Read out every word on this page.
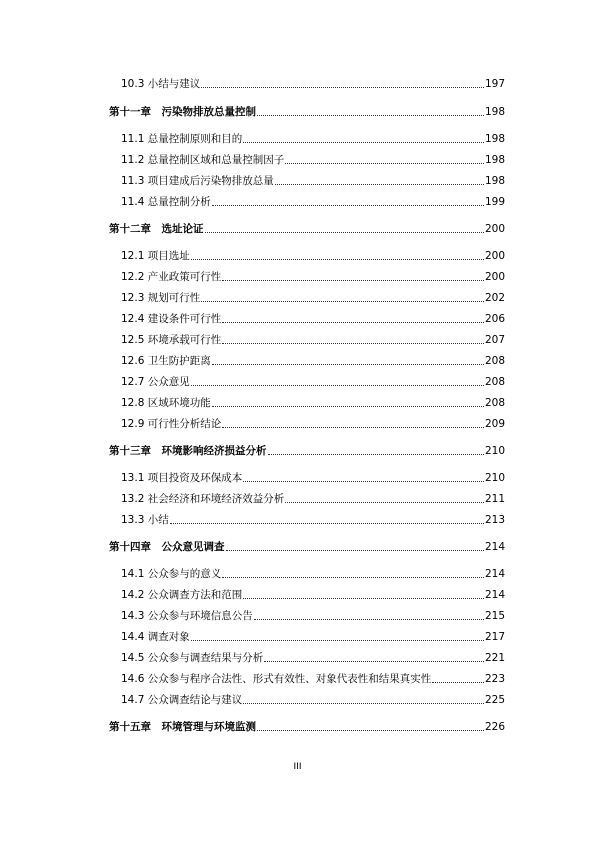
10.3 小结与建议	197
第十一章　污染物排放总量控制	198
11.1 总量控制原则和目的	198
11.2 总量控制区域和总量控制因子	198
11.3 项目建成后污染物排放总量	198
11.4 总量控制分析	199
第十二章　选址论证	200
12.1 项目选址	200
12.2 产业政策可行性	200
12.3 规划可行性	202
12.4 建设条件可行性	206
12.5 环境承载可行性	207
12.6 卫生防护距离	208
12.7 公众意见	208
12.8 区域环境功能	208
12.9 可行性分析结论	209
第十三章　环境影响经济损益分析	210
13.1 项目投资及环保成本	210
13.2 社会经济和环境经济效益分析	211
13.3 小结	213
第十四章　公众意见调查	214
14.1 公众参与的意义	214
14.2 公众调查方法和范围	214
14.3 公众参与环境信息公告	215
14.4 调查对象	217
14.5 公众参与调查结果与分析	221
14.6 公众参与程序合法性、形式有效性、对象代表性和结果真实性	223
14.7 公众调查结论与建议	225
第十五章　环境管理与环境监测	226
III
